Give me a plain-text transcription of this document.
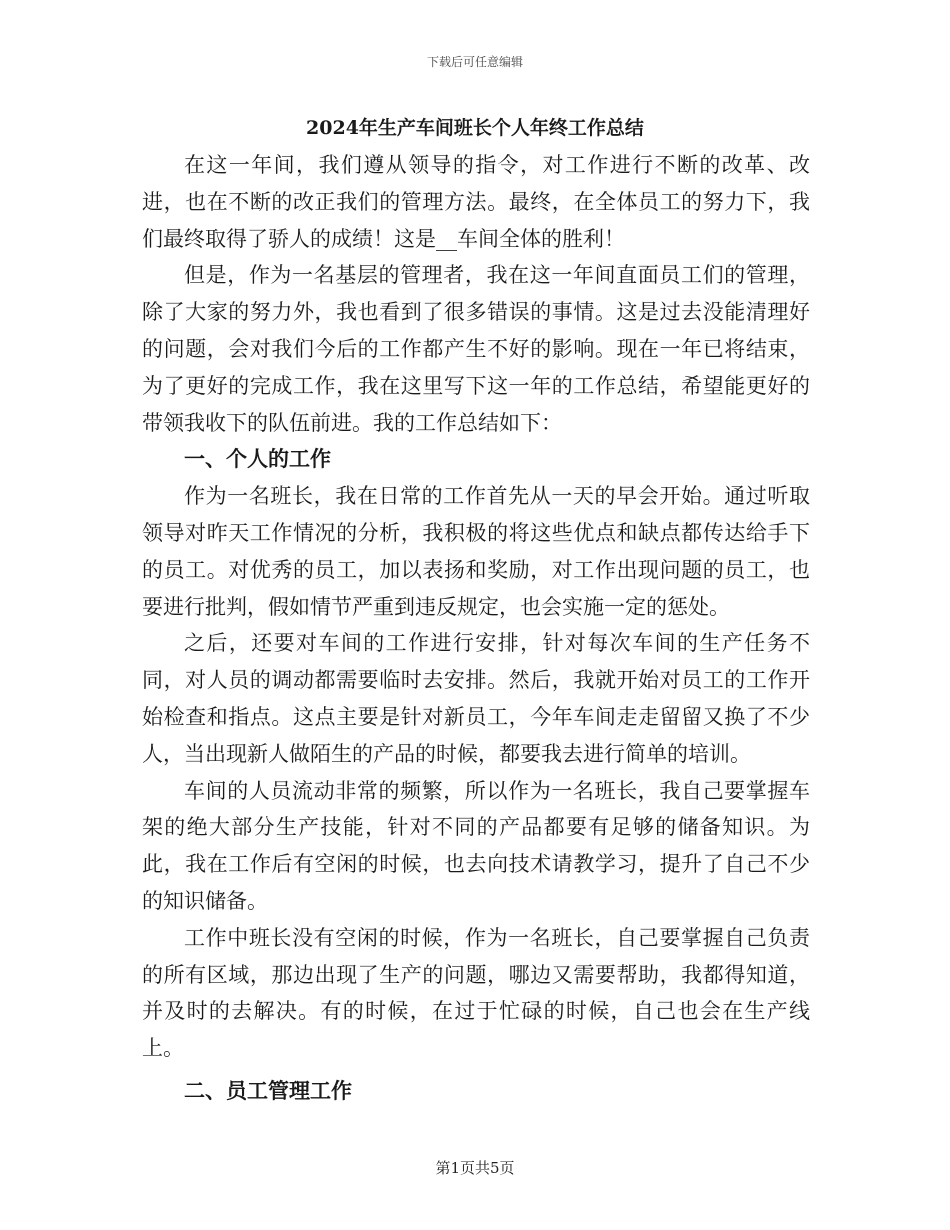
下载后可任意编辑
2024年生产车间班长个人年终工作总结

在这一年间，我们遵从领导的指令，对工作进行不断的改革、改进，也在不断的改正我们的管理方法。最终，在全体员工的努力下，我们最终取得了骄人的成绩！这是__车间全体的胜利！

但是，作为一名基层的管理者，我在这一年间直面员工们的管理，除了大家的努力外，我也看到了很多错误的事情。这是过去没能清理好的问题，会对我们今后的工作都产生不好的影响。现在一年已将结束，为了更好的完成工作，我在这里写下这一年的工作总结，希望能更好的带领我收下的队伍前进。我的工作总结如下：

一、个人的工作

作为一名班长，我在日常的工作首先从一天的早会开始。通过听取领导对昨天工作情况的分析，我积极的将这些优点和缺点都传达给手下的员工。对优秀的员工，加以表扬和奖励，对工作出现问题的员工，也要进行批判，假如情节严重到违反规定，也会实施一定的惩处。

之后，还要对车间的工作进行安排，针对每次车间的生产任务不同，对人员的调动都需要临时去安排。然后，我就开始对员工的工作开始检查和指点。这点主要是针对新员工，今年车间走走留留又换了不少人，当出现新人做陌生的产品的时候，都要我去进行简单的培训。

车间的人员流动非常的频繁，所以作为一名班长，我自己要掌握车架的绝大部分生产技能，针对不同的产品都要有足够的储备知识。为此，我在工作后有空闲的时候，也去向技术请教学习，提升了自己不少的知识储备。

工作中班长没有空闲的时候，作为一名班长，自己要掌握自己负责的所有区域，那边出现了生产的问题，哪边又需要帮助，我都得知道，并及时的去解决。有的时候，在过于忙碌的时候，自己也会在生产线上。

二、员工管理工作

第1页共5页
